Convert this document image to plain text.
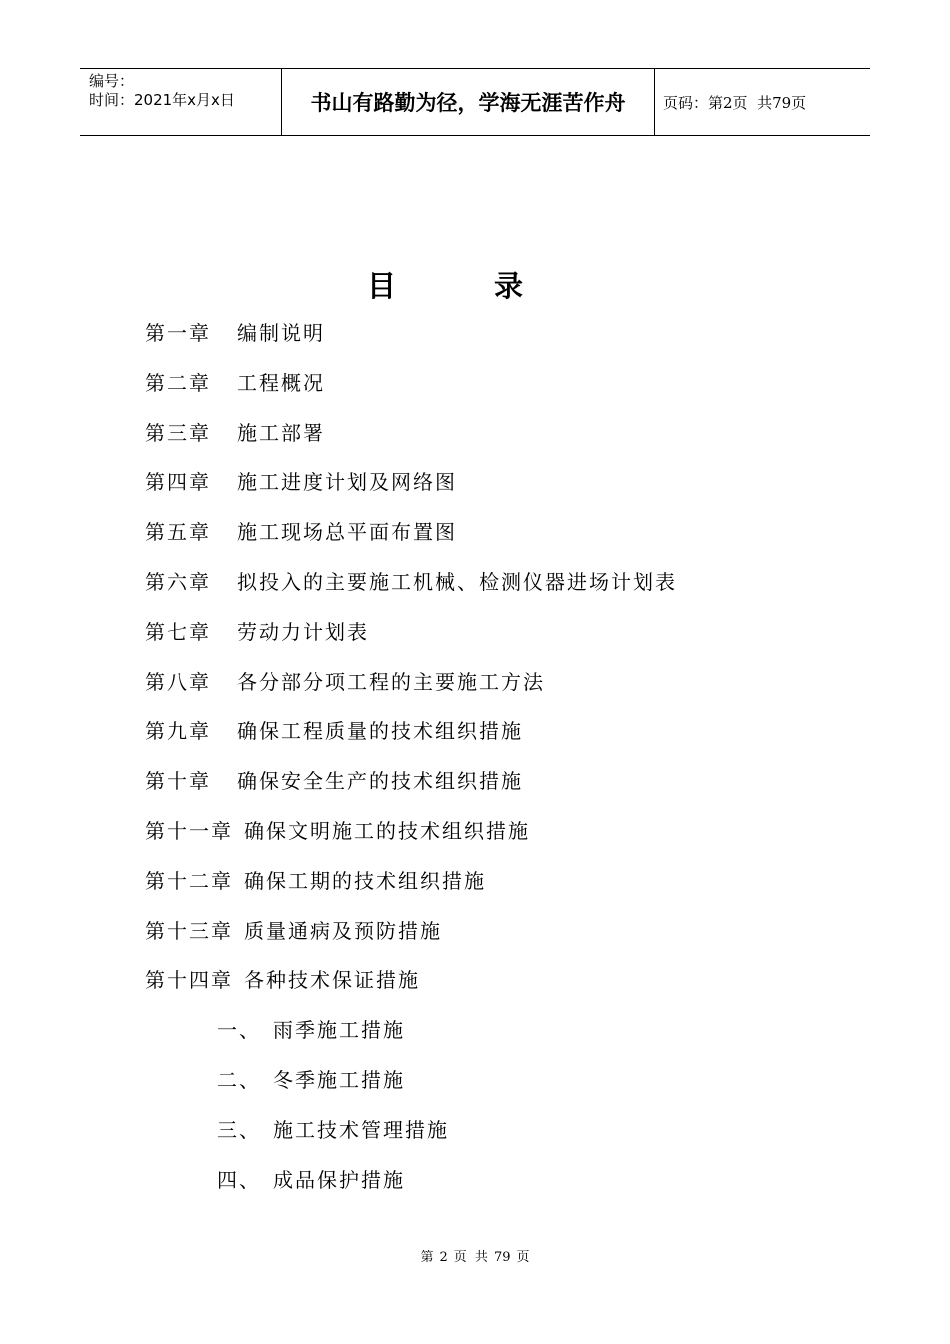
编号：
时间：2021年x月x日	书山有路勤为径，学海无涯苦作舟	页码：第2页  共79页
目 录
第一章 编制说明
第二章 工程概况
第三章 施工部署
第四章 施工进度计划及网络图
第五章 施工现场总平面布置图
第六章 拟投入的主要施工机械、检测仪器进场计划表
第七章 劳动力计划表
第八章 各分部分项工程的主要施工方法
第九章 确保工程质量的技术组织措施
第十章 确保安全生产的技术组织措施
第十一章 确保文明施工的技术组织措施
第十二章 确保工期的技术组织措施
第十三章 质量通病及预防措施
第十四章 各种技术保证措施
一、 雨季施工措施
二、 冬季施工措施
三、 施工技术管理措施
四、 成品保护措施
第 2 页 共 79 页
